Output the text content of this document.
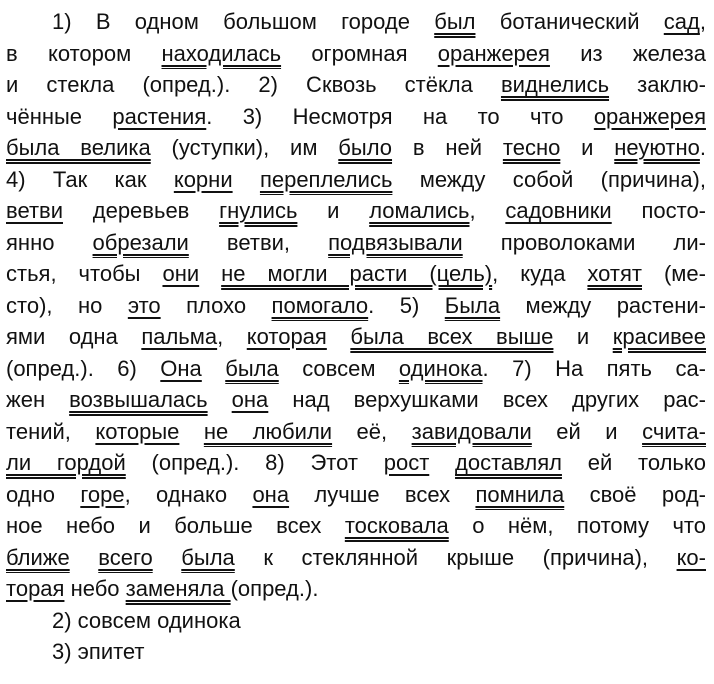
1) В одном большом городе был ботанический сад,
в котором находилась огромная оранжерея из железа
и стекла (опред.). 2) Сквозь стёкла виднелись заклю-
чённые растения. 3) Несмотря на то что оранжерея
была велика (уступки), им было в ней тесно и неуютно.
4) Так как корни переплелись между собой (причина),
ветви деревьев гнулись и ломались, садовники посто-
янно обрезали ветви, подвязывали проволоками ли-
стья, чтобы они не могли расти (цель), куда хотят (ме-
сто), но это плохо помогало. 5) Была между растени-
ями одна пальма, которая была всех выше и красивее
(опред.). 6) Она была совсем одинока. 7) На пять са-
жен возвышалась она над верхушками всех других рас-
тений, которые не любили её, завидовали ей и счита-
ли гордой (опред.). 8) Этот рост доставлял ей только
одно горе, однако она лучше всех помнила своё род-
ное небо и больше всех тосковала о нём, потому что
ближе всего была к стеклянной крыше (причина), ко-
торая небо заменяла (опред.).
2) совсем одинока
3) эпитет
